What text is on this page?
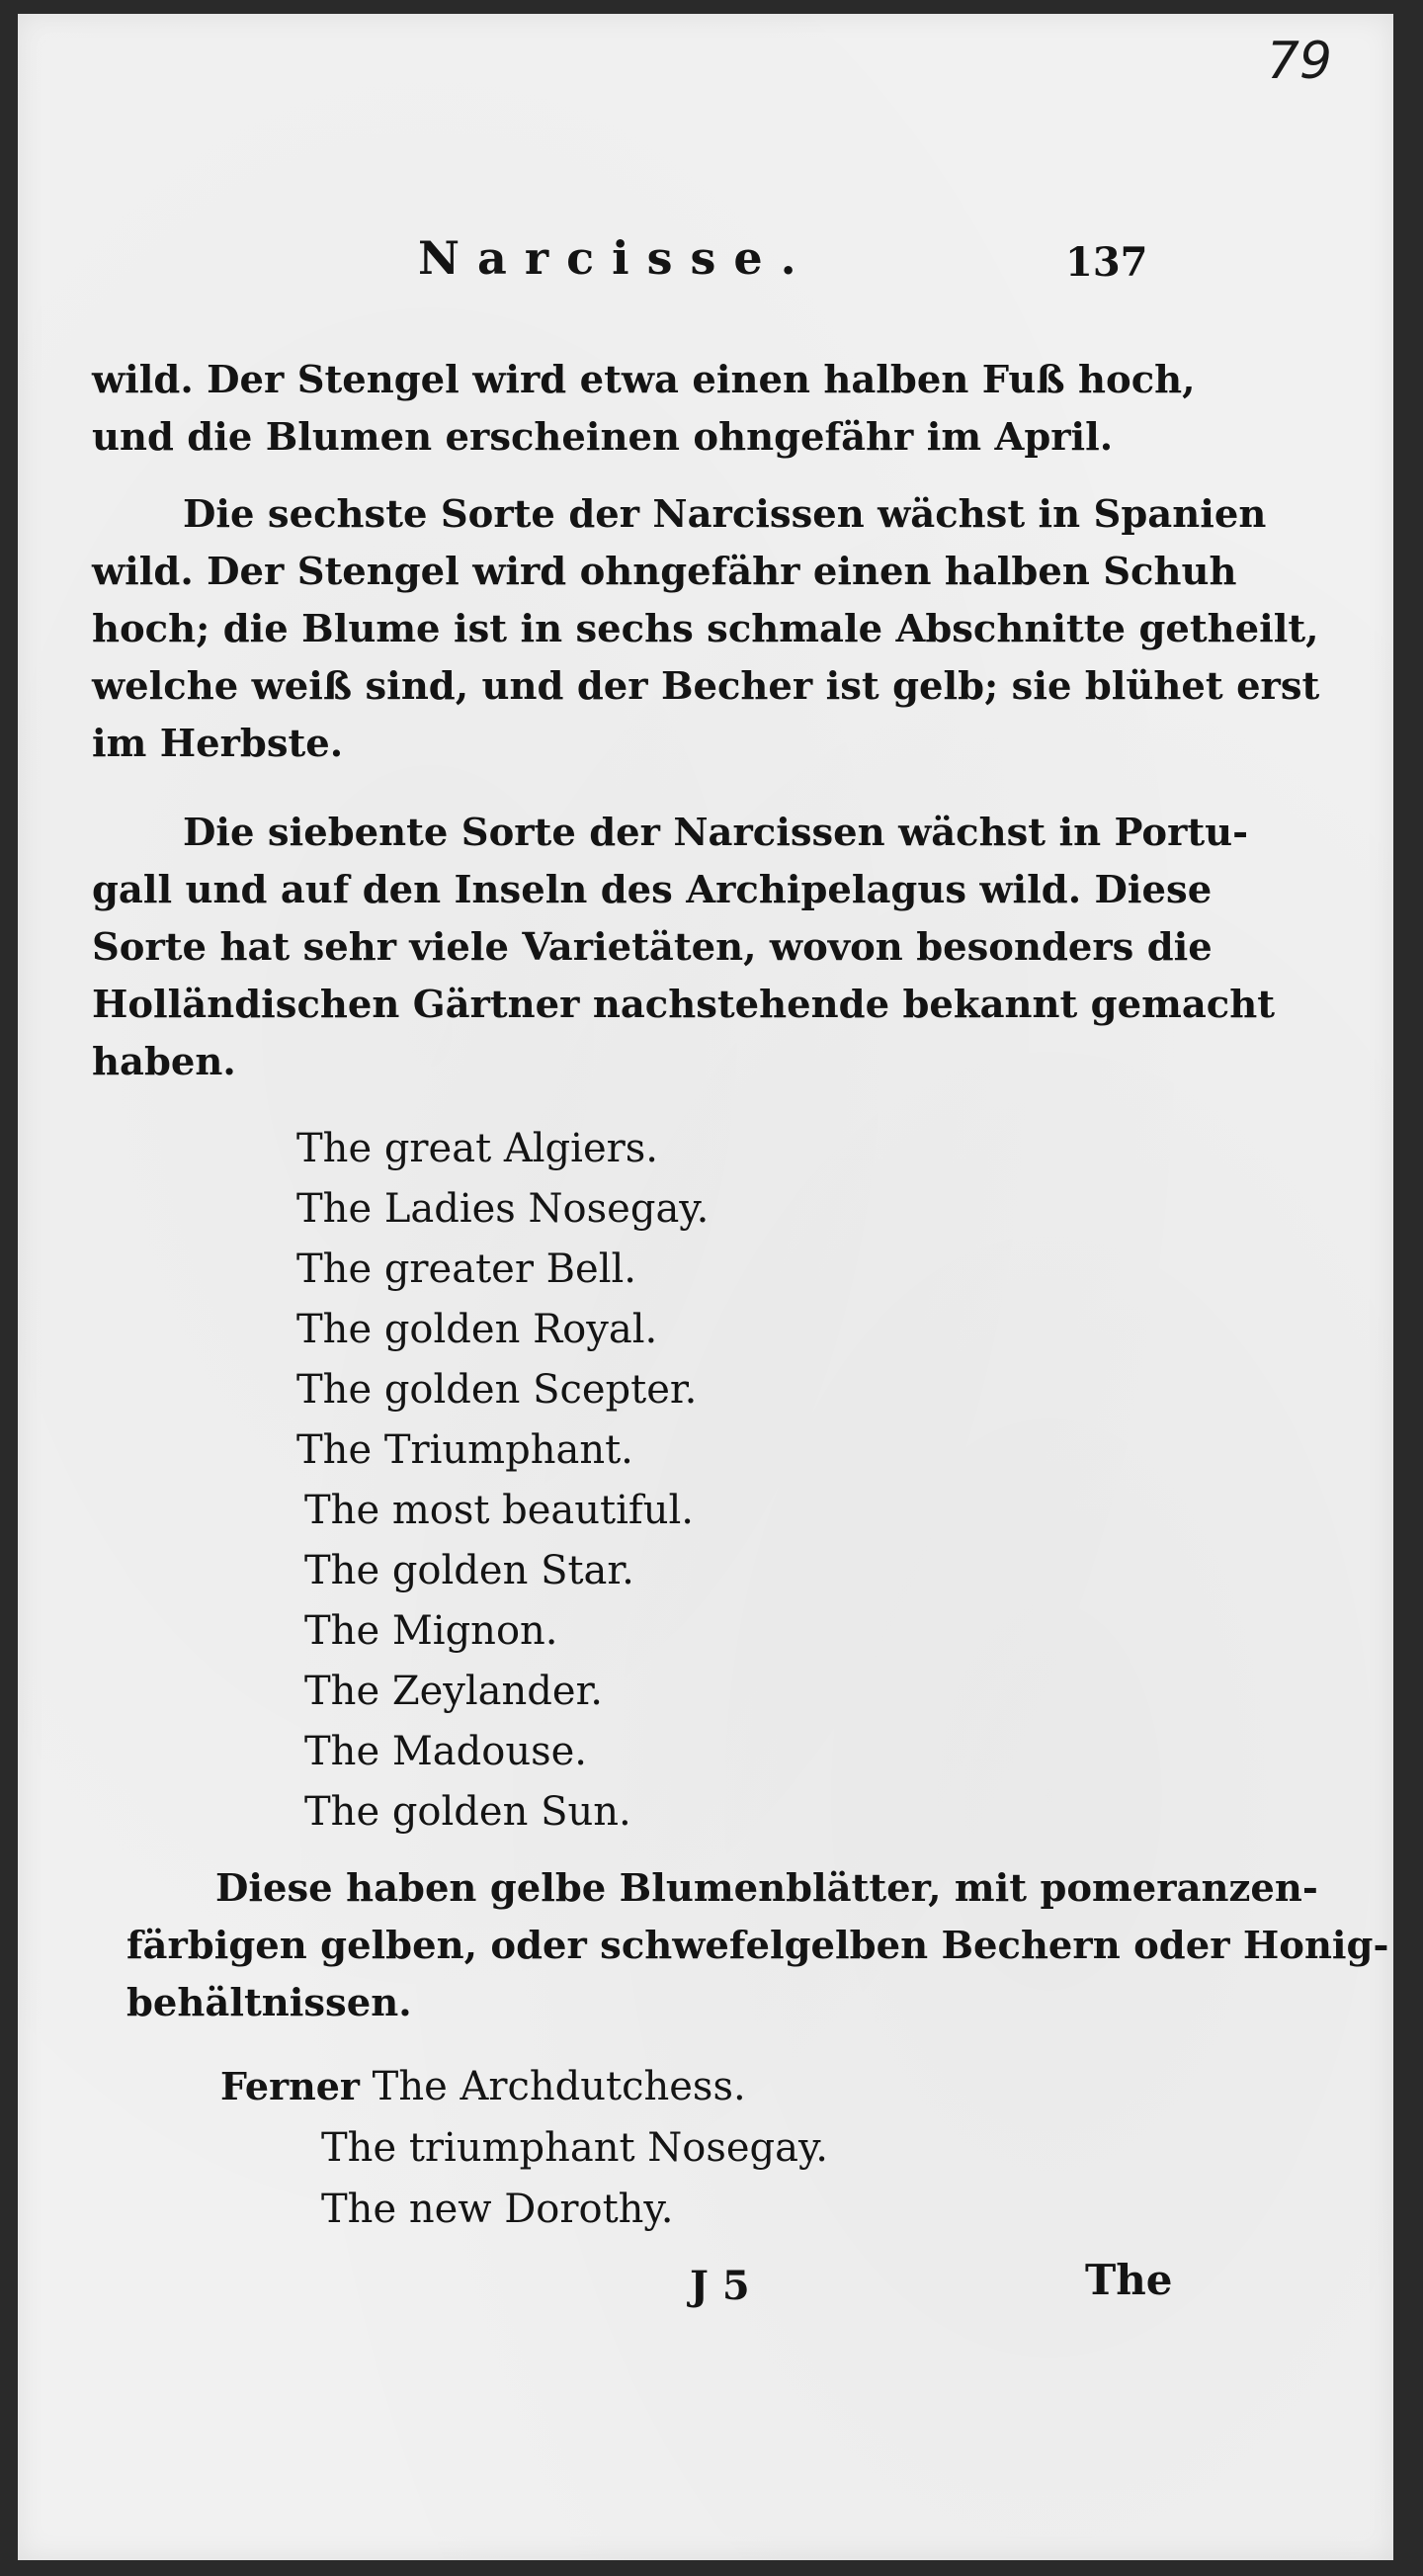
79
Narcisse.	137
wild. Der Stengel wird etwa einen halben Fuß hoch,
und die Blumen erscheinen ohngefähr im April.
Die sechste Sorte der Narcissen wächst in Spanien
wild. Der Stengel wird ohngefähr einen halben Schuh
hoch; die Blume ist in sechs schmale Abschnitte getheilt,
welche weiß sind, und der Becher ist gelb; sie blühet erst
im Herbste.
Die siebente Sorte der Narcissen wächst in Portu-
gall und auf den Inseln des Archipelagus wild. Diese
Sorte hat sehr viele Varietäten, wovon besonders die
Holländischen Gärtner nachstehende bekannt gemacht
haben.
The great Algiers.
The Ladies Nosegay.
The greater Bell.
The golden Royal.
The golden Scepter.
The Triumphant.
The most beautiful.
The golden Star.
The Mignon.
The Zeylander.
The Madouse.
The golden Sun.
Diese haben gelbe Blumenblätter, mit pomeranzen-
färbigen gelben, oder schwefelgelben Bechern oder Honig-
behältnissen.
Ferner The Archdutchess.
The triumphant Nosegay.
The new Dorothy.
J 5	The
